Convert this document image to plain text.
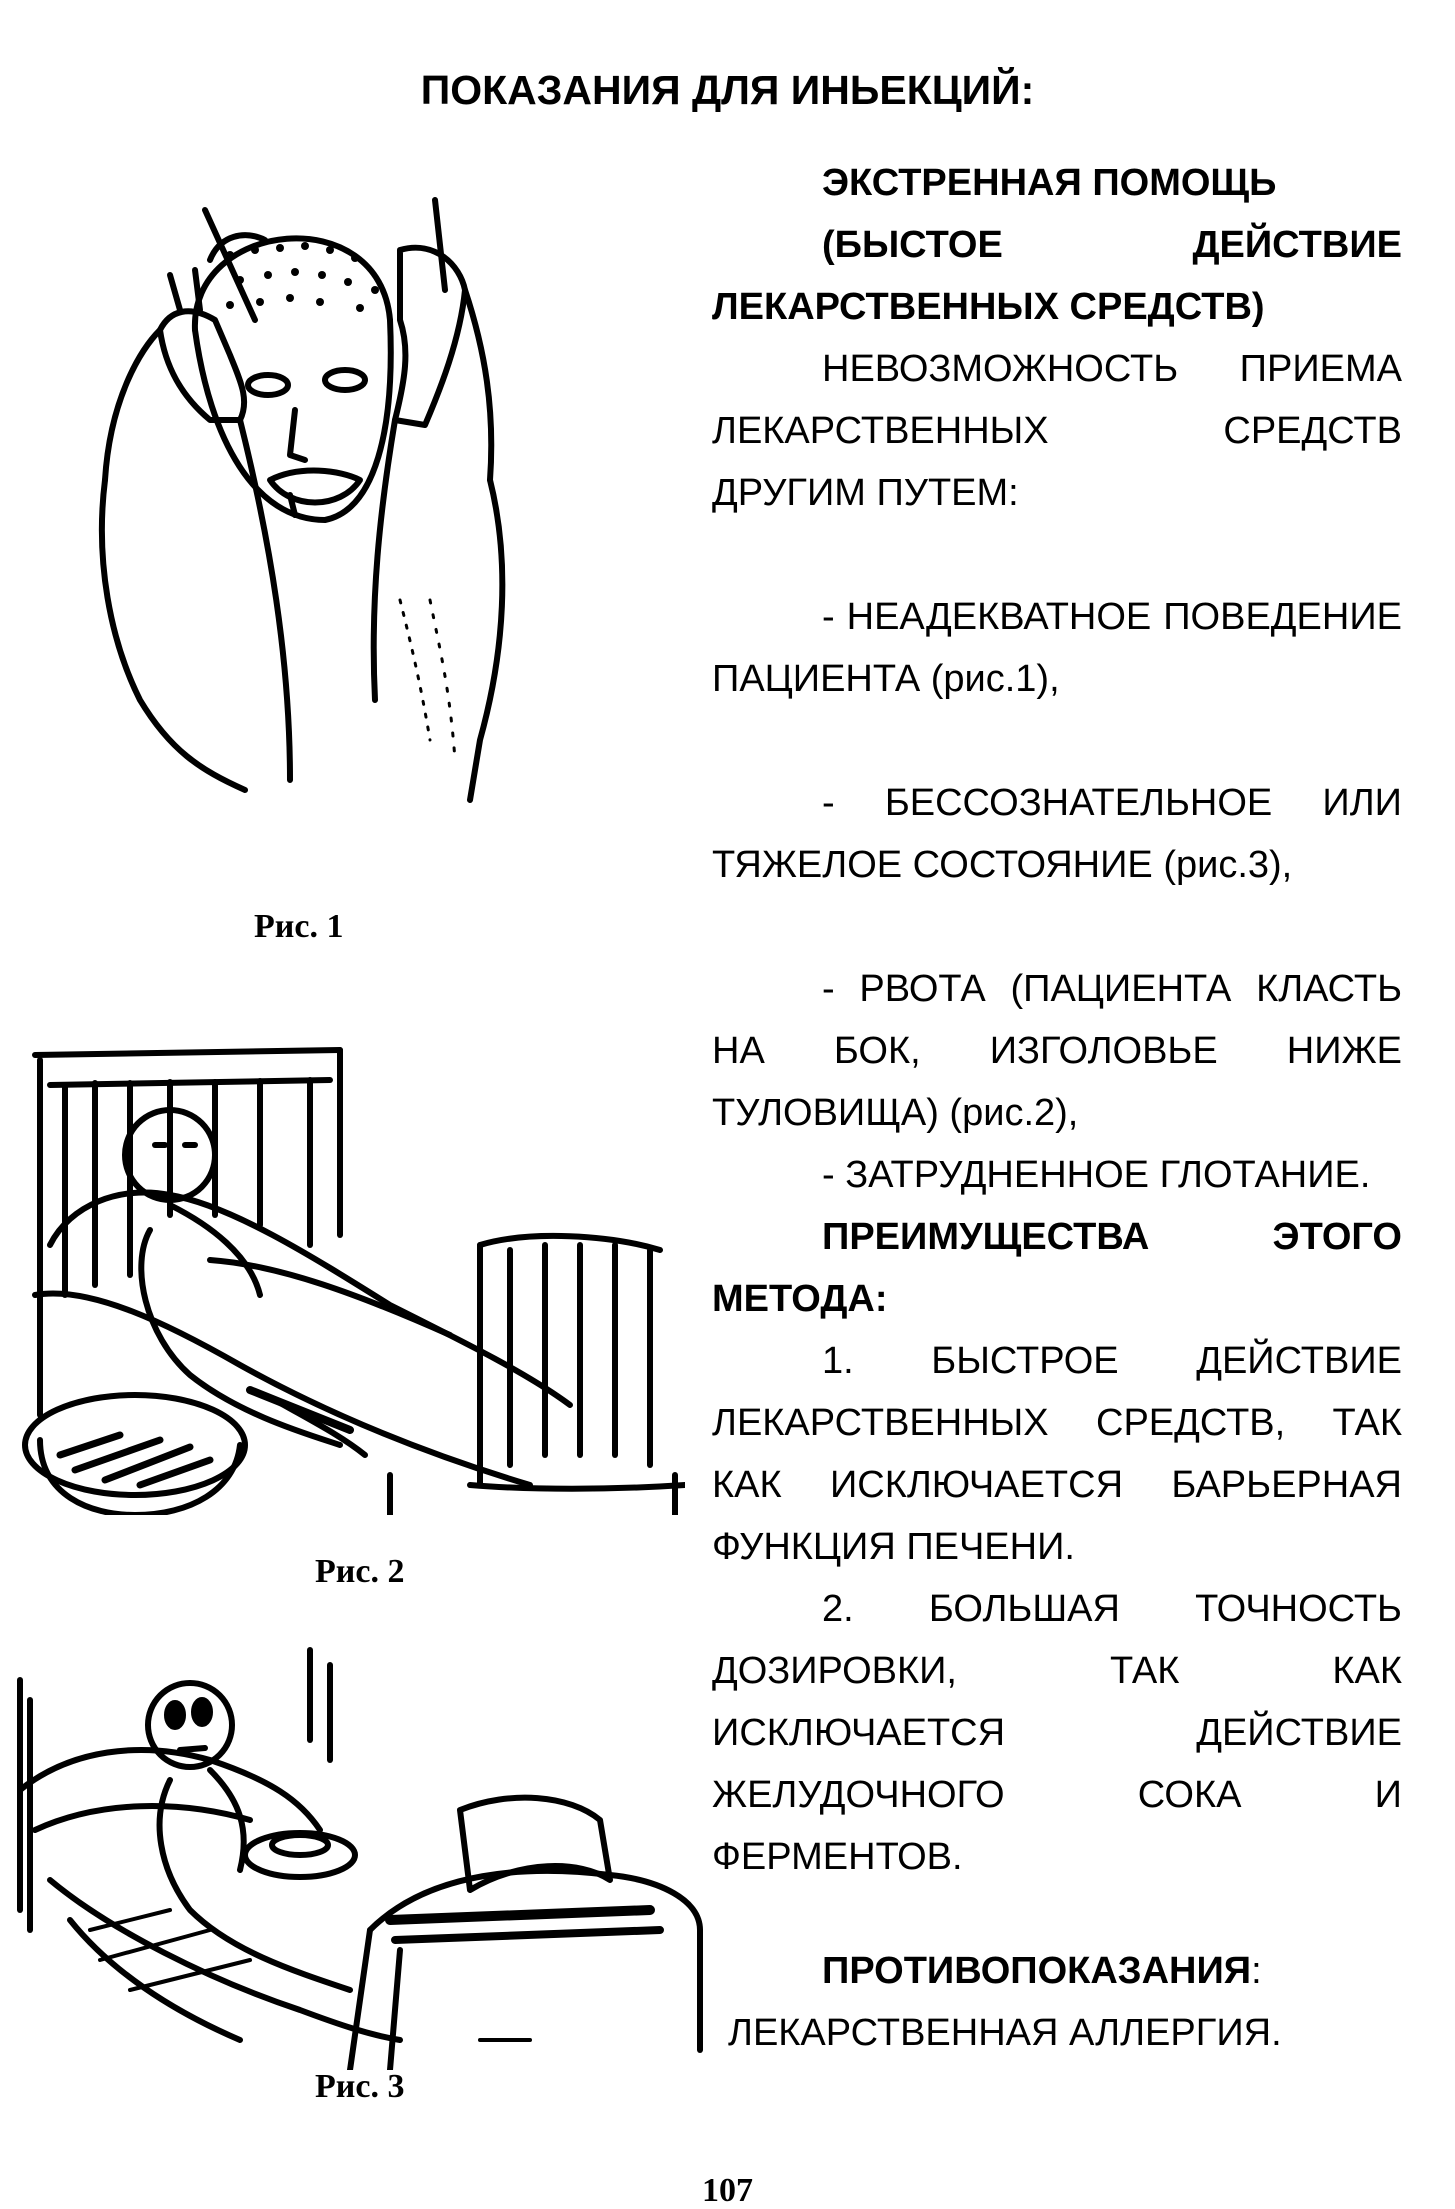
ПОКАЗАНИЯ ДЛЯ ИНЬЕКЦИЙ:
Рис. 1
Рис. 2
Рис. 3

ЭКСТРЕННАЯ ПОМОЩЬ

(БЫСТОЕ ДЕЙСТВИЕ ЛЕКАРСТВЕННЫХ СРЕДСТВ)

НЕВОЗМОЖНОСТЬ ПРИЕМА ЛЕКАРСТВЕННЫХ СРЕДСТВ ДРУГИМ ПУТЕМ:

- НЕАДЕКВАТНОЕ ПОВЕДЕНИЕ ПАЦИЕНТА (рис.1),

- БЕССОЗНАТЕЛЬНОЕ ИЛИ ТЯЖЕЛОЕ СОСТОЯНИЕ (рис.3),

- РВОТА (ПАЦИЕНТА КЛАСТЬ НА БОК, ИЗГОЛОВЬЕ НИЖЕ ТУЛОВИЩА) (рис.2),

- ЗАТРУДНЕННОЕ ГЛОТАНИЕ.

ПРЕИМУЩЕСТВА ЭТОГО МЕТОДА:

1. БЫСТРОЕ ДЕЙСТВИЕ ЛЕКАРСТВЕННЫХ СРЕДСТВ, ТАК КАК ИСКЛЮЧАЕТСЯ БАРЬЕРНАЯ ФУНКЦИЯ ПЕЧЕНИ.

2. БОЛЬШАЯ ТОЧНОСТЬ ДОЗИРОВКИ, ТАК КАК ИСКЛЮЧАЕТСЯ ДЕЙСТВИЕ ЖЕЛУДОЧНОГО СОКА И ФЕРМЕНТОВ.

ПРОТИВОПОКАЗАНИЯ:

ЛЕКАРСТВЕННАЯ АЛЛЕРГИЯ.

107
